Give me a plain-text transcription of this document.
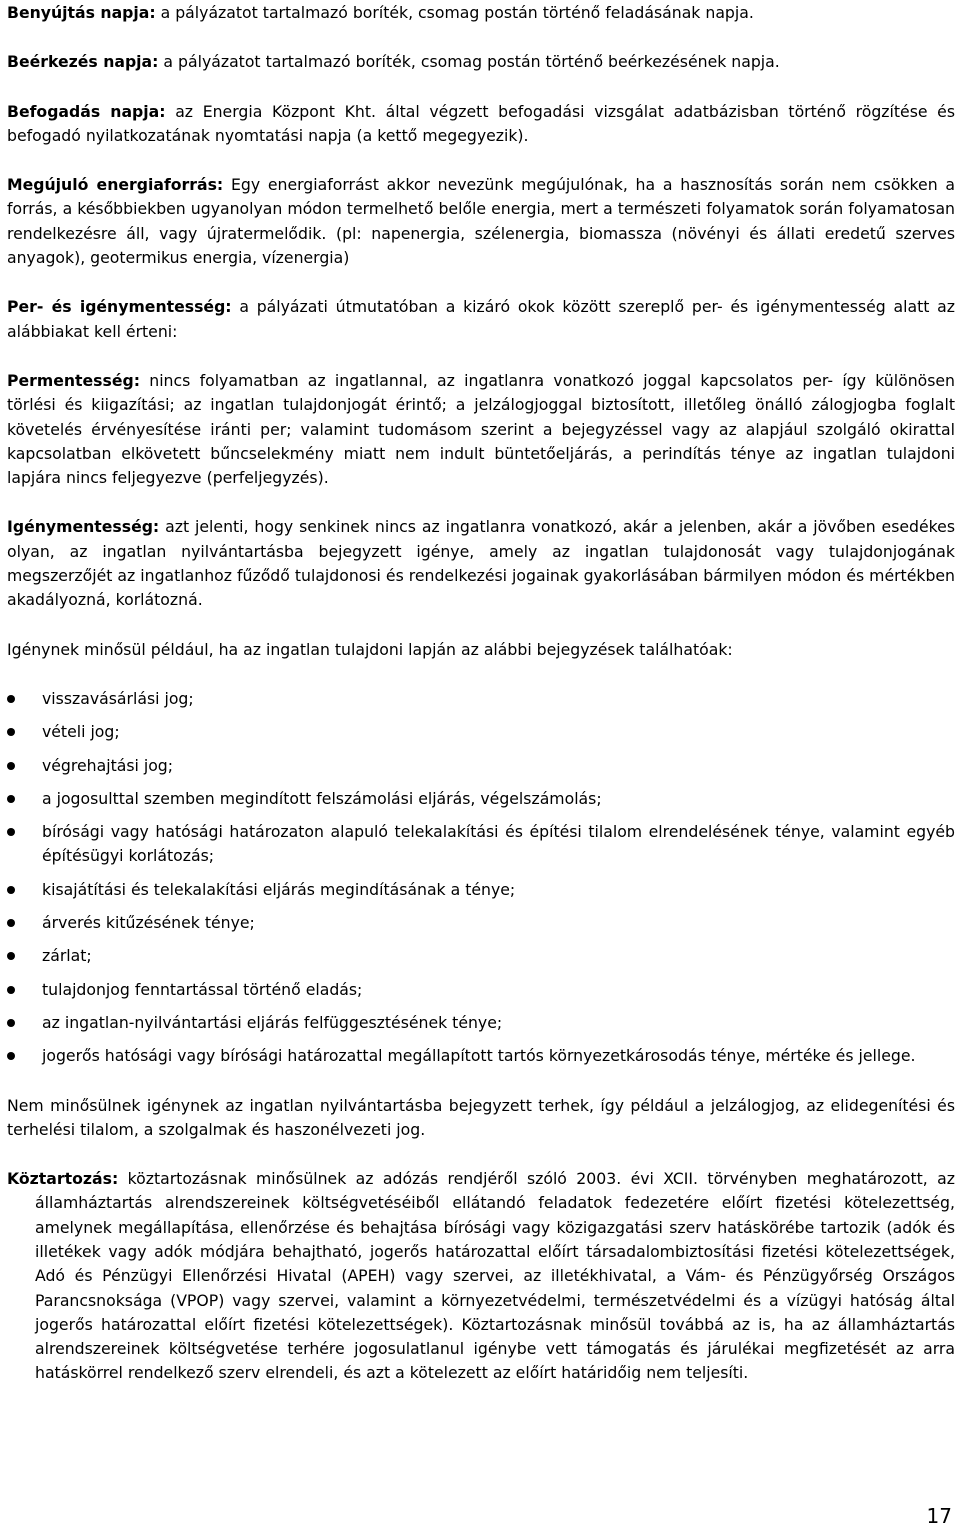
Benyújtás napja: a pályázatot tartalmazó boríték, csomag postán történő feladásának napja.

Beérkezés napja: a pályázatot tartalmazó boríték, csomag postán történő beérkezésének napja.

Befogadás napja: az Energia Központ Kht. által végzett befogadási vizsgálat adatbázisban történő rögzítése és befogadó nyilatkozatának nyomtatási napja (a kettő megegyezik).

Megújuló energiaforrás: Egy energiaforrást akkor nevezünk megújulónak, ha a hasznosítás során nem csökken a forrás, a későbbiekben ugyanolyan módon termelhető belőle energia, mert a természeti folyamatok során folyamatosan rendelkezésre áll, vagy újratermelődik. (pl: napenergia, szélenergia, biomassza (növényi és állati eredetű szerves anyagok), geotermikus energia, vízenergia)

Per- és igénymentesség: a pályázati útmutatóban a kizáró okok között szereplő per- és igénymentesség alatt az alábbiakat kell érteni:

Permentesség: nincs folyamatban az ingatlannal, az ingatlanra vonatkozó joggal kapcsolatos per- így különösen törlési és kiigazítási; az ingatlan tulajdonjogát érintő; a jelzálogjoggal biztosított, illetőleg önálló zálogjogba foglalt követelés érvényesítése iránti per; valamint tudomásom szerint a bejegyzéssel vagy az alapjául szolgáló okirattal kapcsolatban elkövetett bűncselekmény miatt nem indult büntetőeljárás, a perindítás ténye az ingatlan tulajdoni lapjára nincs feljegyezve (perfeljegyzés).

Igénymentesség: azt jelenti, hogy senkinek nincs az ingatlanra vonatkozó, akár a jelenben, akár a jövőben esedékes olyan, az ingatlan nyilvántartásba bejegyzett igénye, amely az ingatlan tulajdonosát vagy tulajdonjogának megszerzőjét az ingatlanhoz fűződő tulajdonosi és rendelkezési jogainak gyakorlásában bármilyen módon és mértékben akadályozná, korlátozná.

Igénynek minősül például, ha az ingatlan tulajdoni lapján az alábbi bejegyzések találhatóak:

visszavásárlási jog;
vételi jog;
végrehajtási jog;
a jogosulttal szemben megindított felszámolási eljárás, végelszámolás;
bírósági vagy hatósági határozaton alapuló telekalakítási és építési tilalom elrendelésének ténye, valamint egyéb építésügyi korlátozás;
kisajátítási és telekalakítási eljárás megindításának a ténye;
árverés kitűzésének ténye;
zárlat;
tulajdonjog fenntartással történő eladás;
az ingatlan-nyilvántartási eljárás felfüggesztésének ténye;
jogerős hatósági vagy bírósági határozattal megállapított tartós környezetkárosodás ténye, mértéke és jellege.

Nem minősülnek igénynek az ingatlan nyilvántartásba bejegyzett terhek, így például a jelzálogjog, az elidegenítési és terhelési tilalom, a szolgalmak és haszonélvezeti jog.

Köztartozás: köztartozásnak minősülnek az adózás rendjéről szóló 2003. évi XCII. törvényben meghatározott, az államháztartás alrendszereinek költségvetéséiből ellátandó feladatok fedezetére előírt fizetési kötelezettség, amelynek megállapítása, ellenőrzése és behajtása bírósági vagy közigazgatási szerv hatáskörébe tartozik (adók és illetékek vagy adók módjára behajtható, jogerős határozattal előírt társadalombiztosítási fizetési kötelezettségek, Adó és Pénzügyi Ellenőrzési Hivatal (APEH) vagy szervei, az illetékhivatal, a Vám- és Pénzügyőrség Országos Parancsnoksága (VPOP) vagy szervei, valamint a környezetvédelmi, természetvédelmi és a vízügyi hatóság által jogerős határozattal előírt fizetési kötelezettségek). Köztartozásnak minősül továbbá az is, ha az államháztartás alrendszereinek költségvetése terhére jogosulatlanul igénybe vett támogatás és járulékai megfizetését az arra hatáskörrel rendelkező szerv elrendeli, és azt a kötelezett az előírt határidőig nem teljesíti.

17
